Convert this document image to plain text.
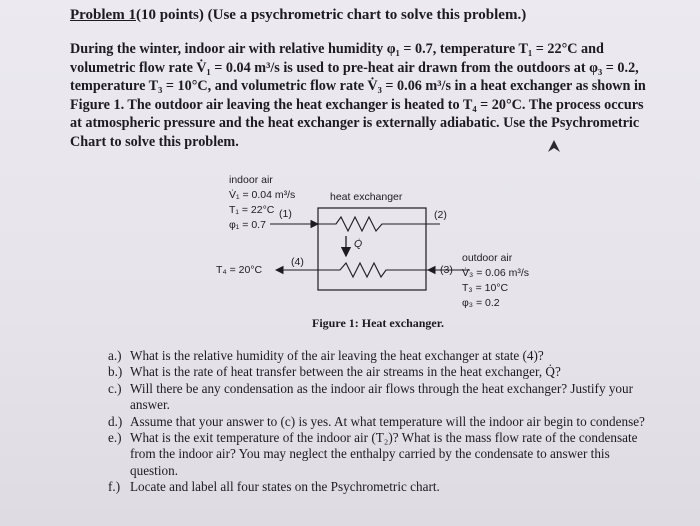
Problem 1(10 points) (Use a psychrometric chart to solve this problem.)
During the winter, indoor air with relative humidity φ₁ = 0.7, temperature T₁ = 22°C and
volumetric flow rate V̇₁ = 0.04 m³/s is used to pre-heat air drawn from the outdoors at φ₃ = 0.2,
temperature T₃ = 10°C, and volumetric flow rate V̇₃ = 0.06 m³/s in a heat exchanger as shown in
Figure 1. The outdoor air leaving the heat exchanger is heated to T₄ = 20°C. The process occurs
at atmospheric pressure and the heat exchanger is externally adiabatic. Use the Psychrometric
Chart to solve this problem.
indoor air
V̇₁ = 0.04 m³/s
T₁ = 22°C
φ₁ = 0.7
(1)
heat exchanger
(2)
Q̇
(4)
T₄ = 20°C	(3)
outdoor air
V̇₃ = 0.06 m³/s
T₃ = 10°C
φ₃ = 0.2
Figure 1: Heat exchanger.
a.) What is the relative humidity of the air leaving the heat exchanger at state (4)?
b.) What is the rate of heat transfer between the air streams in the heat exchanger, Q̇?
c.) Will there be any condensation as the indoor air flows through the heat exchanger? Justify your answer.
d.) Assume that your answer to (c) is yes. At what temperature will the indoor air begin to condense?
e.) What is the exit temperature of the indoor air (T₂)? What is the mass flow rate of the condensate from the indoor air? You may neglect the enthalpy carried by the condensate to answer this question.
f.) Locate and label all four states on the Psychrometric chart.
